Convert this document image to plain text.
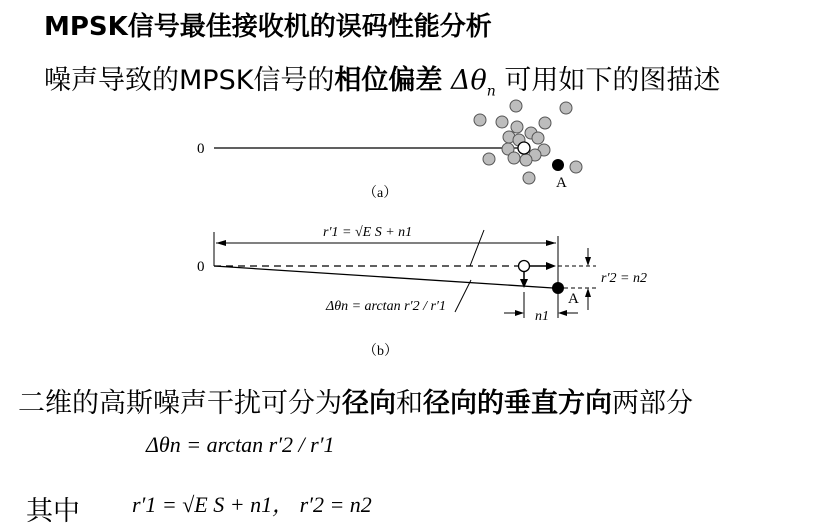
MPSK信号最佳接收机的误码性能分析
噪声导致的MPSK信号的相位偏差 $\Delta\theta_n$ 可用如下的图描述
0
A
（a）
0
r′1 = √E S + n1
r′2 = n2
A
n1
Δθn = arctan r′2 / r′1
（b）
Δθn = arctan r′2 / r′1
r′1 = √E S + n1， r′2 = n2
二维的高斯噪声干扰可分为径向和径向的垂直方向两部分
其中
